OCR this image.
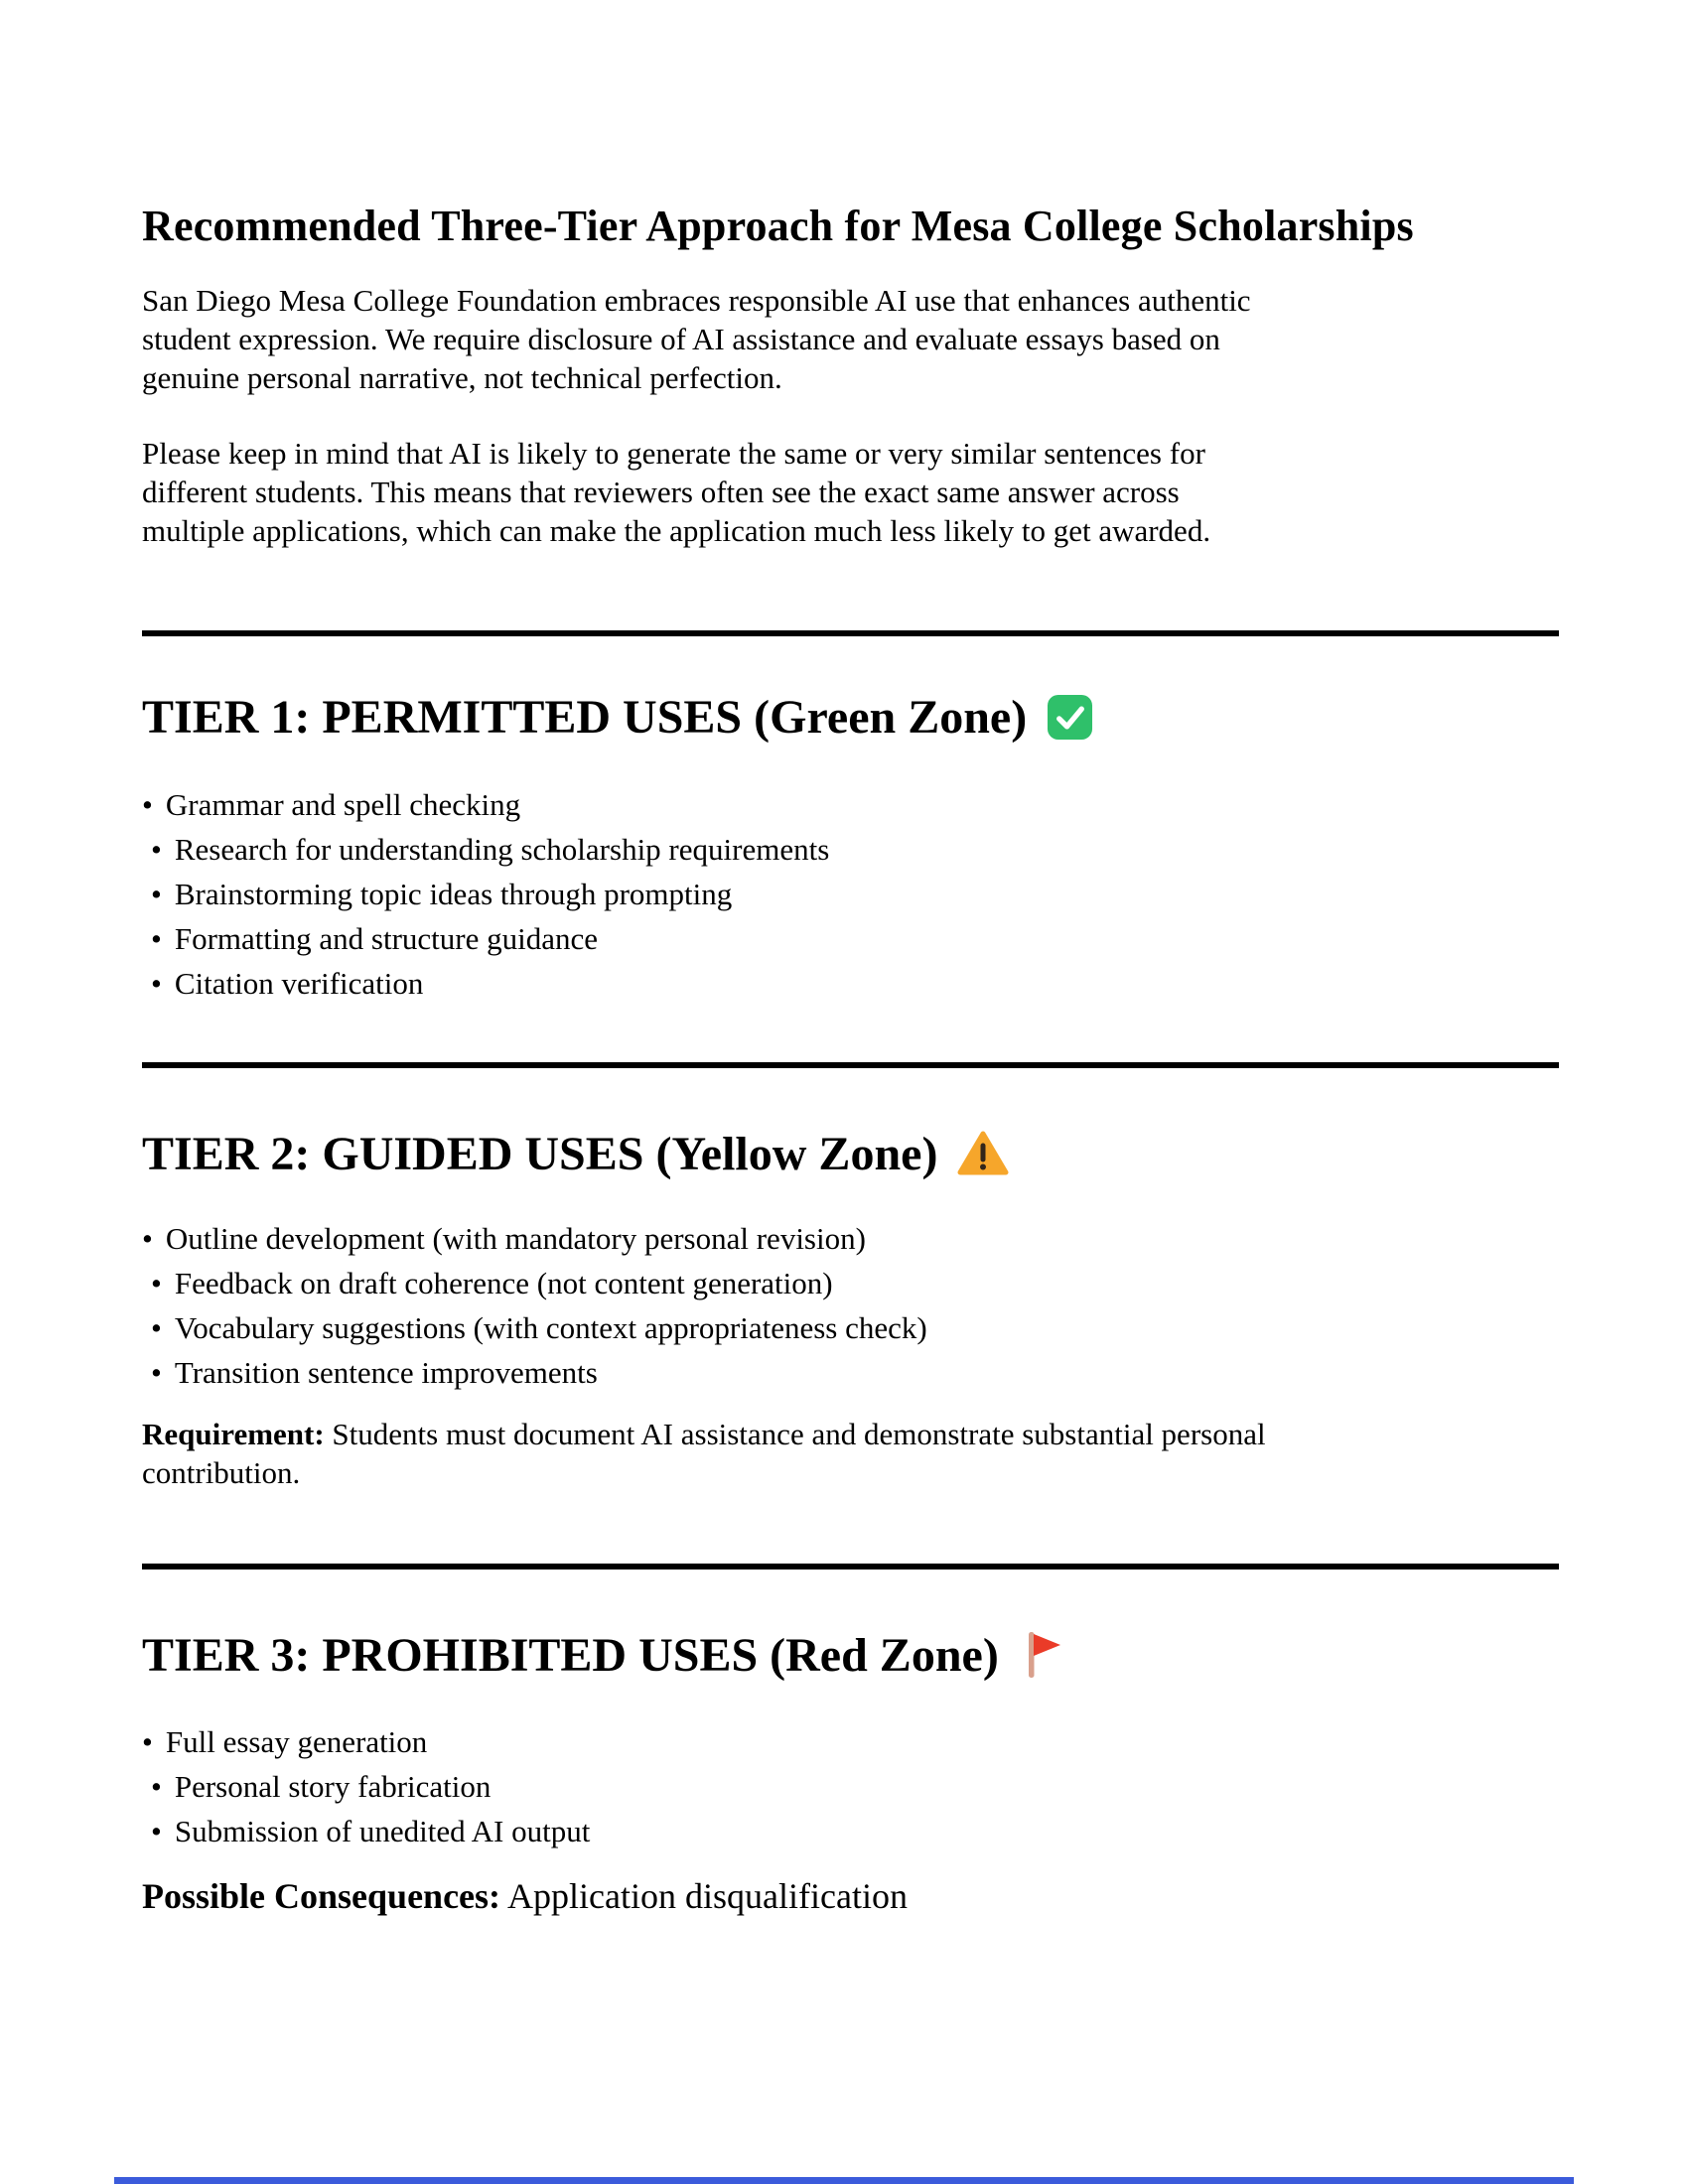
Recommended Three-Tier Approach for Mesa College Scholarships

San Diego Mesa College Foundation embraces responsible AI use that enhances authentic student expression. We require disclosure of AI assistance and evaluate essays based on genuine personal narrative, not technical perfection.

Please keep in mind that AI is likely to generate the same or very similar sentences for different students. This means that reviewers often see the exact same answer across multiple applications, which can make the application much less likely to get awarded.

TIER 1: PERMITTED USES (Green Zone)
• Grammar and spell checking
• Research for understanding scholarship requirements
• Brainstorming topic ideas through prompting
• Formatting and structure guidance
• Citation verification
TIER 2: GUIDED USES (Yellow Zone)
• Outline development (with mandatory personal revision)
• Feedback on draft coherence (not content generation)
• Vocabulary suggestions (with context appropriateness check)
• Transition sentence improvements

Requirement: Students must document AI assistance and demonstrate substantial personal contribution.

TIER 3: PROHIBITED USES (Red Zone)
• Full essay generation
• Personal story fabrication
• Submission of unedited AI output

Possible Consequences: Application disqualification
